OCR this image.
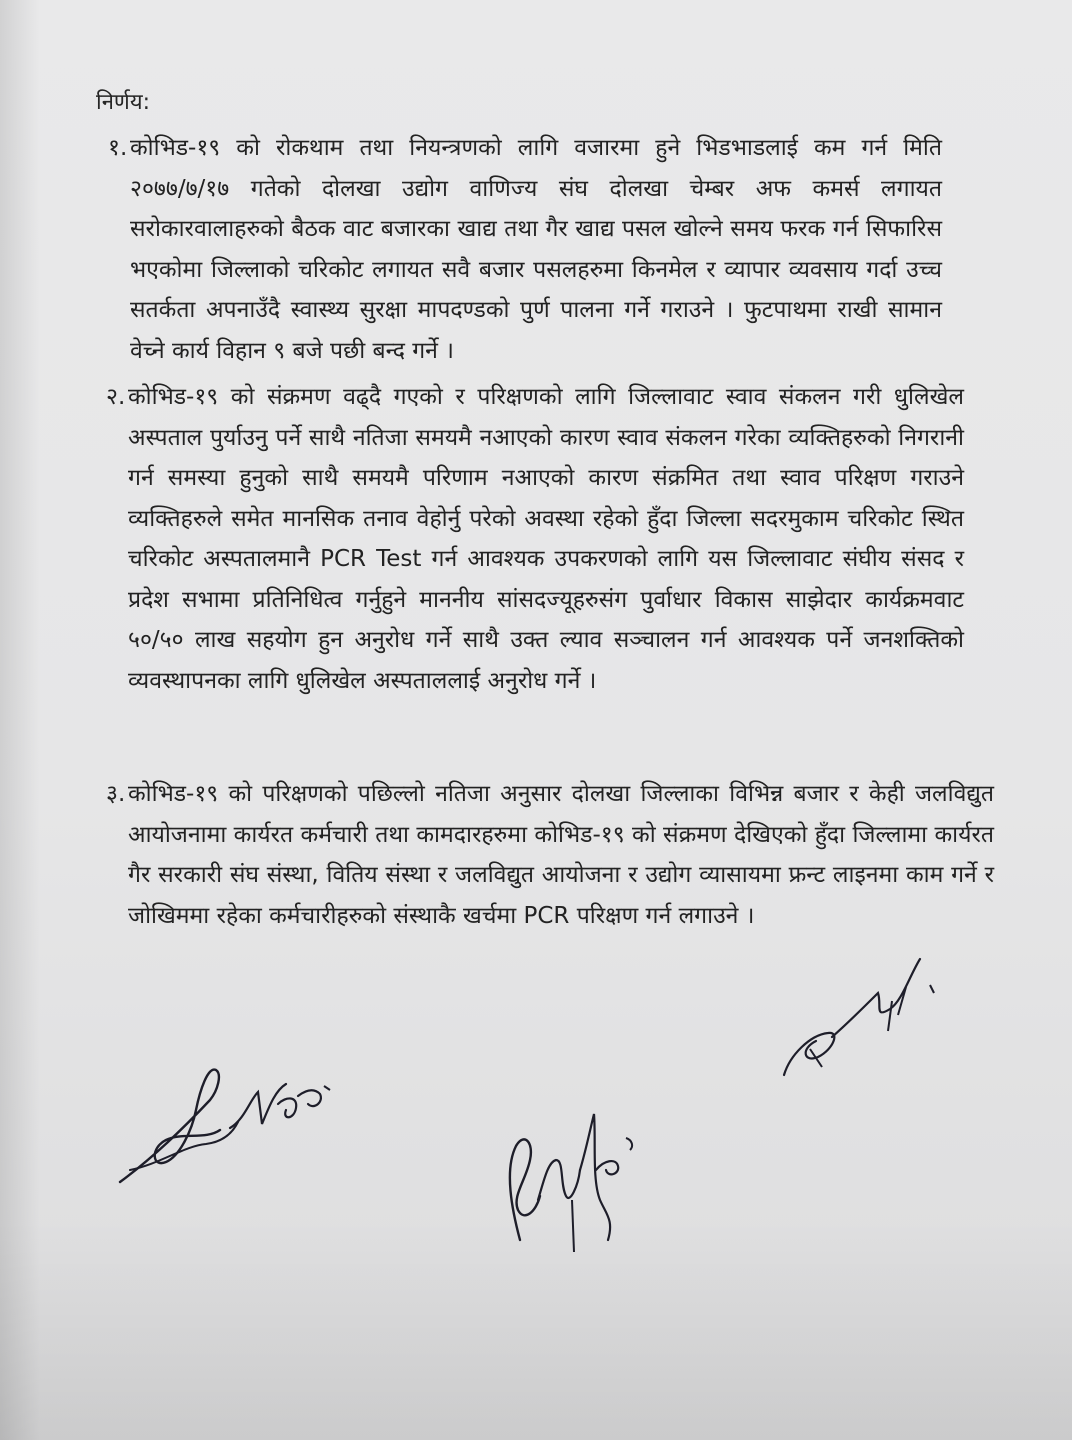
निर्णय:
१. कोभिड-१९ को रोकथाम तथा नियन्त्रणको लागि वजारमा हुने भिडभाडलाई कम गर्न मिति २०७७/७/१७ गतेको दोलखा उद्योग वाणिज्य संघ दोलखा चेम्बर अफ कमर्स लगायत सरोकारवालाहरुको बैठक वाट बजारका खाद्य तथा गैर खाद्य पसल खोल्ने समय फरक गर्न सिफारिस भएकोमा जिल्लाको चरिकोट लगायत सवै बजार पसलहरुमा किनमेल र व्यापार व्यवसाय गर्दा उच्च सतर्कता अपनाउँदै स्वास्थ्य सुरक्षा मापदण्डको पुर्ण पालना गर्ने गराउने । फुटपाथमा राखी सामान वेच्ने कार्य विहान ९ बजे पछी बन्द गर्ने ।
२. कोभिड-१९ को संक्रमण वढ्दै गएको र परिक्षणको लागि जिल्लावाट स्वाव संकलन गरी धुलिखेल अस्पताल पुर्याउनु पर्ने साथै नतिजा समयमै नआएको कारण स्वाव संकलन गरेका व्यक्तिहरुको निगरानी गर्न समस्या हुनुको साथै समयमै परिणाम नआएको कारण संक्रमित तथा स्वाव परिक्षण गराउने व्यक्तिहरुले समेत मानसिक तनाव वेहोर्नु परेको अवस्था रहेको हुँदा जिल्ला सदरमुकाम चरिकोट स्थित चरिकोट अस्पतालमानै PCR Test गर्न आवश्यक उपकरणको लागि यस जिल्लावाट संघीय संसद र प्रदेश सभामा प्रतिनिधित्व गर्नुहुने माननीय सांसदज्यूहरुसंग पुर्वाधार विकास साझेदार कार्यक्रमवाट ५०/५० लाख सहयोग हुन अनुरोध गर्ने साथै उक्त ल्याव सञ्चालन गर्न आवश्यक पर्ने जनशक्तिको व्यवस्थापनका लागि धुलिखेल अस्पताललाई अनुरोध गर्ने ।
३. कोभिड-१९ को परिक्षणको पछिल्लो नतिजा अनुसार दोलखा जिल्लाका विभिन्न बजार र केही जलविद्युत आयोजनामा कार्यरत कर्मचारी तथा कामदारहरुमा कोभिड-१९ को संक्रमण देखिएको हुँदा जिल्लामा कार्यरत गैर सरकारी संघ संस्था, वितिय संस्था र जलविद्युत आयोजना र उद्योग व्यासायमा फ्रन्ट लाइनमा काम गर्ने र जोखिममा रहेका कर्मचारीहरुको संस्थाकै खर्चमा PCR परिक्षण गर्न लगाउने ।
